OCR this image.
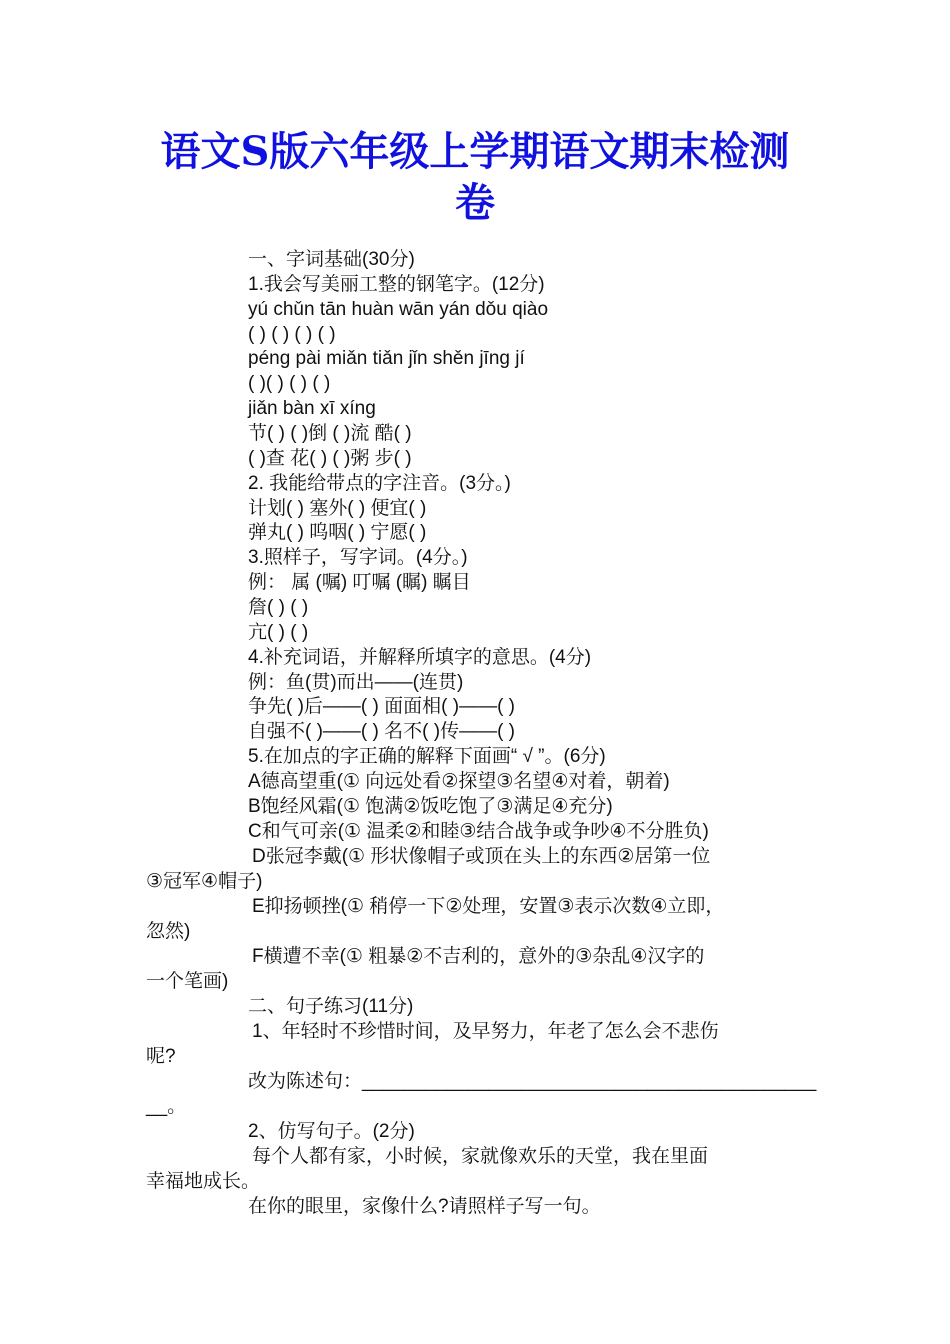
语文S版六年级上学期语文期末检测
卷
一、字词基础(30分)
1.我会写美丽工整的钢笔字。(12分)
yú chǔn tān huàn wān yán dǒu qiào
( ) ( ) ( ) ( )
péng pài miǎn tiǎn jǐn shěn jīng jí
( )( ) ( ) ( )
jiǎn bàn xī xíng
节( ) ( )倒 ( )流 酷( )
( )查 花( ) ( )粥 步( )
2. 我能给带点的字注音。(3分。)
计划( ) 塞外( ) 便宜( )
弹丸( ) 呜咽( ) 宁愿( )
3.照样子，写字词。(4分。)
例： 属 (嘱) 叮嘱 (瞩) 瞩目
詹( ) ( )
亢( ) ( )
4.补充词语，并解释所填字的意思。(4分)
例：鱼(贯)而出——(连贯)
争先( )后——( ) 面面相( )——( )
自强不( )——( ) 名不( )传——( )
5.在加点的字正确的解释下面画“ √ ”。(6分)
A德高望重(① 向远处看②探望③名望④对着，朝着)
B饱经风霜(① 饱满②饭吃饱了③满足④充分)
C和气可亲(① 温柔②和睦③结合战争或争吵④不分胜负)
D张冠李戴(① 形状像帽子或顶在头上的东西②居第一位
③冠军④帽子)
E抑扬顿挫(① 稍停一下②处理，安置③表示次数④立即，
忽然)
F横遭不幸(① 粗暴②不吉利的，意外的③杂乱④汉字的
一个笔画)
二、句子练习(11分)
1、年轻时不珍惜时间，及早努力，年老了怎么会不悲伤
呢?
改为陈述句：___________________________________________
__。
2、仿写句子。(2分)
每个人都有家，小时候，家就像欢乐的天堂，我在里面
幸福地成长。
在你的眼里，家像什么?请照样子写一句。
